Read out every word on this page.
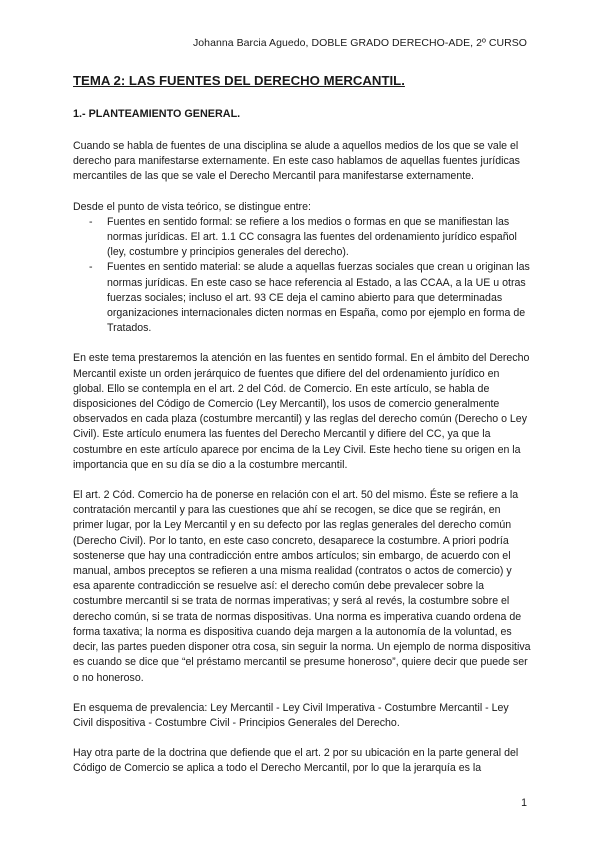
Johanna Barcia Aguedo, DOBLE GRADO DERECHO-ADE, 2º CURSO
TEMA 2: LAS FUENTES DEL DERECHO MERCANTIL.
1.- PLANTEAMIENTO GENERAL.

Cuando se habla de fuentes de una disciplina se alude a aquellos medios de los que se vale el derecho para manifestarse externamente. En este caso hablamos de aquellas fuentes jurídicas mercantiles de las que se vale el Derecho Mercantil para manifestarse externamente.

Desde el punto de vista teórico, se distingue entre:

- Fuentes en sentido formal: se refiere a los medios o formas en que se manifiestan las normas jurídicas. El art. 1.1 CC consagra las fuentes del ordenamiento jurídico español (ley, costumbre y principios generales del derecho).
- Fuentes en sentido material: se alude a aquellas fuerzas sociales que crean u originan las normas jurídicas. En este caso se hace referencia al Estado, a las CCAA, a la UE u otras fuerzas sociales; incluso el art. 93 CE deja el camino abierto para que determinadas organizaciones internacionales dicten normas en España, como por ejemplo en forma de Tratados.

En este tema prestaremos la atención en las fuentes en sentido formal. En el ámbito del Derecho Mercantil existe un orden jerárquico de fuentes que difiere del del ordenamiento jurídico en global. Ello se contempla en el art. 2 del Cód. de Comercio. En este artículo, se habla de disposiciones del Código de Comercio (Ley Mercantil), los usos de comercio generalmente observados en cada plaza (costumbre mercantil) y las reglas del derecho común (Derecho o Ley Civil). Este artículo enumera las fuentes del Derecho Mercantil y difiere del CC, ya que la costumbre en este artículo aparece por encima de la Ley Civil. Este hecho tiene su origen en la importancia que en su día se dio a la costumbre mercantil.

El art. 2 Cód. Comercio ha de ponerse en relación con el art. 50 del mismo. Éste se refiere a la contratación mercantil y para las cuestiones que ahí se recogen, se dice que se regirán, en primer lugar, por la Ley Mercantil y en su defecto por las reglas generales del derecho común (Derecho Civil). Por lo tanto, en este caso concreto, desaparece la costumbre. A priori podría sostenerse que hay una contradicción entre ambos artículos; sin embargo, de acuerdo con el manual, ambos preceptos se refieren a una misma realidad (contratos o actos de comercio) y esa aparente contradicción se resuelve así: el derecho común debe prevalecer sobre la costumbre mercantil si se trata de normas imperativas; y será al revés, la costumbre sobre el derecho común, si se trata de normas dispositivas. Una norma es imperativa cuando ordena de forma taxativa; la norma es dispositiva cuando deja margen a la autonomía de la voluntad, es decir, las partes pueden disponer otra cosa, sin seguir la norma. Un ejemplo de norma dispositiva es cuando se dice que “el préstamo mercantil se presume honeroso”, quiere decir que puede ser o no honeroso.

En esquema de prevalencia: Ley Mercantil - Ley Civil Imperativa - Costumbre Mercantil - Ley Civil dispositiva - Costumbre Civil - Principios Generales del Derecho.

Hay otra parte de la doctrina que defiende que el art. 2 por su ubicación en la parte general del Código de Comercio se aplica a todo el Derecho Mercantil, por lo que la jerarquía es la

1
